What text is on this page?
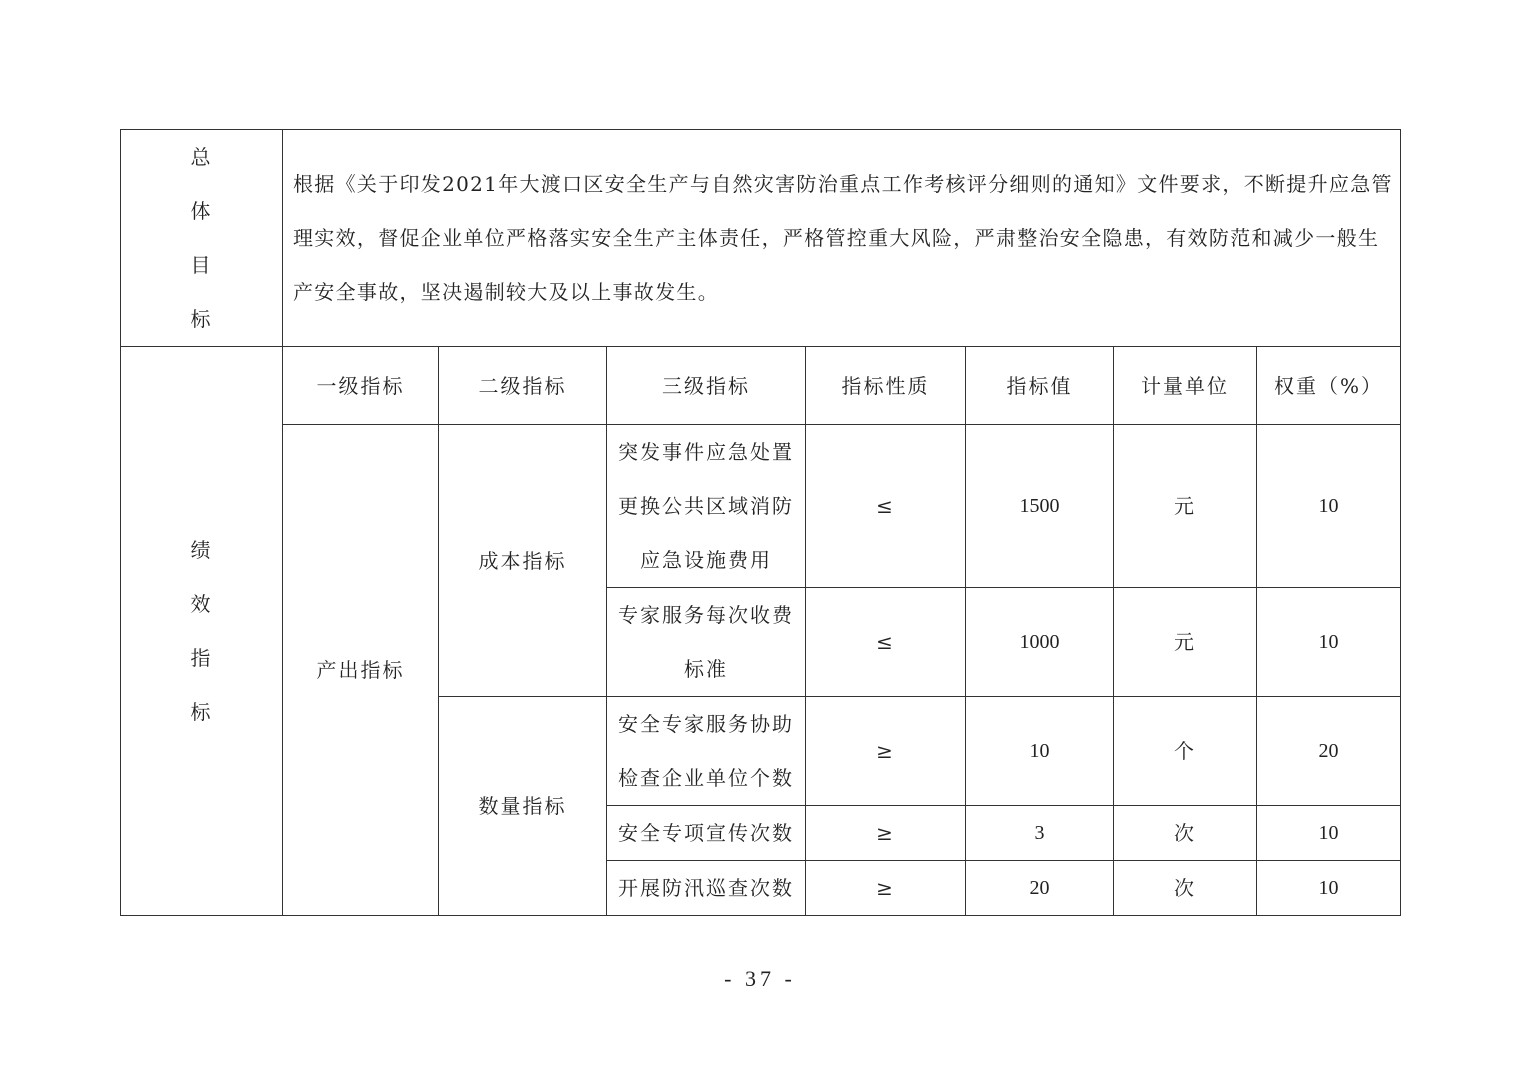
总
体
目
标	根据《关于印发2021年大渡口区安全生产与自然灾害防治重点工作考核评分细则的通知》文件要求，不断提升应急管理实效，督促企业单位严格落实安全生产主体责任，严格管控重大风险，严肃整治安全隐患，有效防范和减少一般生产安全事故，坚决遏制较大及以上事故发生。						

绩
效
指
标	一级指标	二级指标	三级指标	指标性质	指标值	计量单位	权重（%）
	产出指标	成本指标	突发事件应急处置更换公共区域消防应急设施费用	≤	1500	元	10
			专家服务每次收费标准	≤	1000	元	10
		数量指标	安全专家服务协助检查企业单位个数	≥	10	个	20
			安全专项宣传次数	≥	3	次	10
			开展防汛巡查次数	≥	20	次	10
- 37 -
